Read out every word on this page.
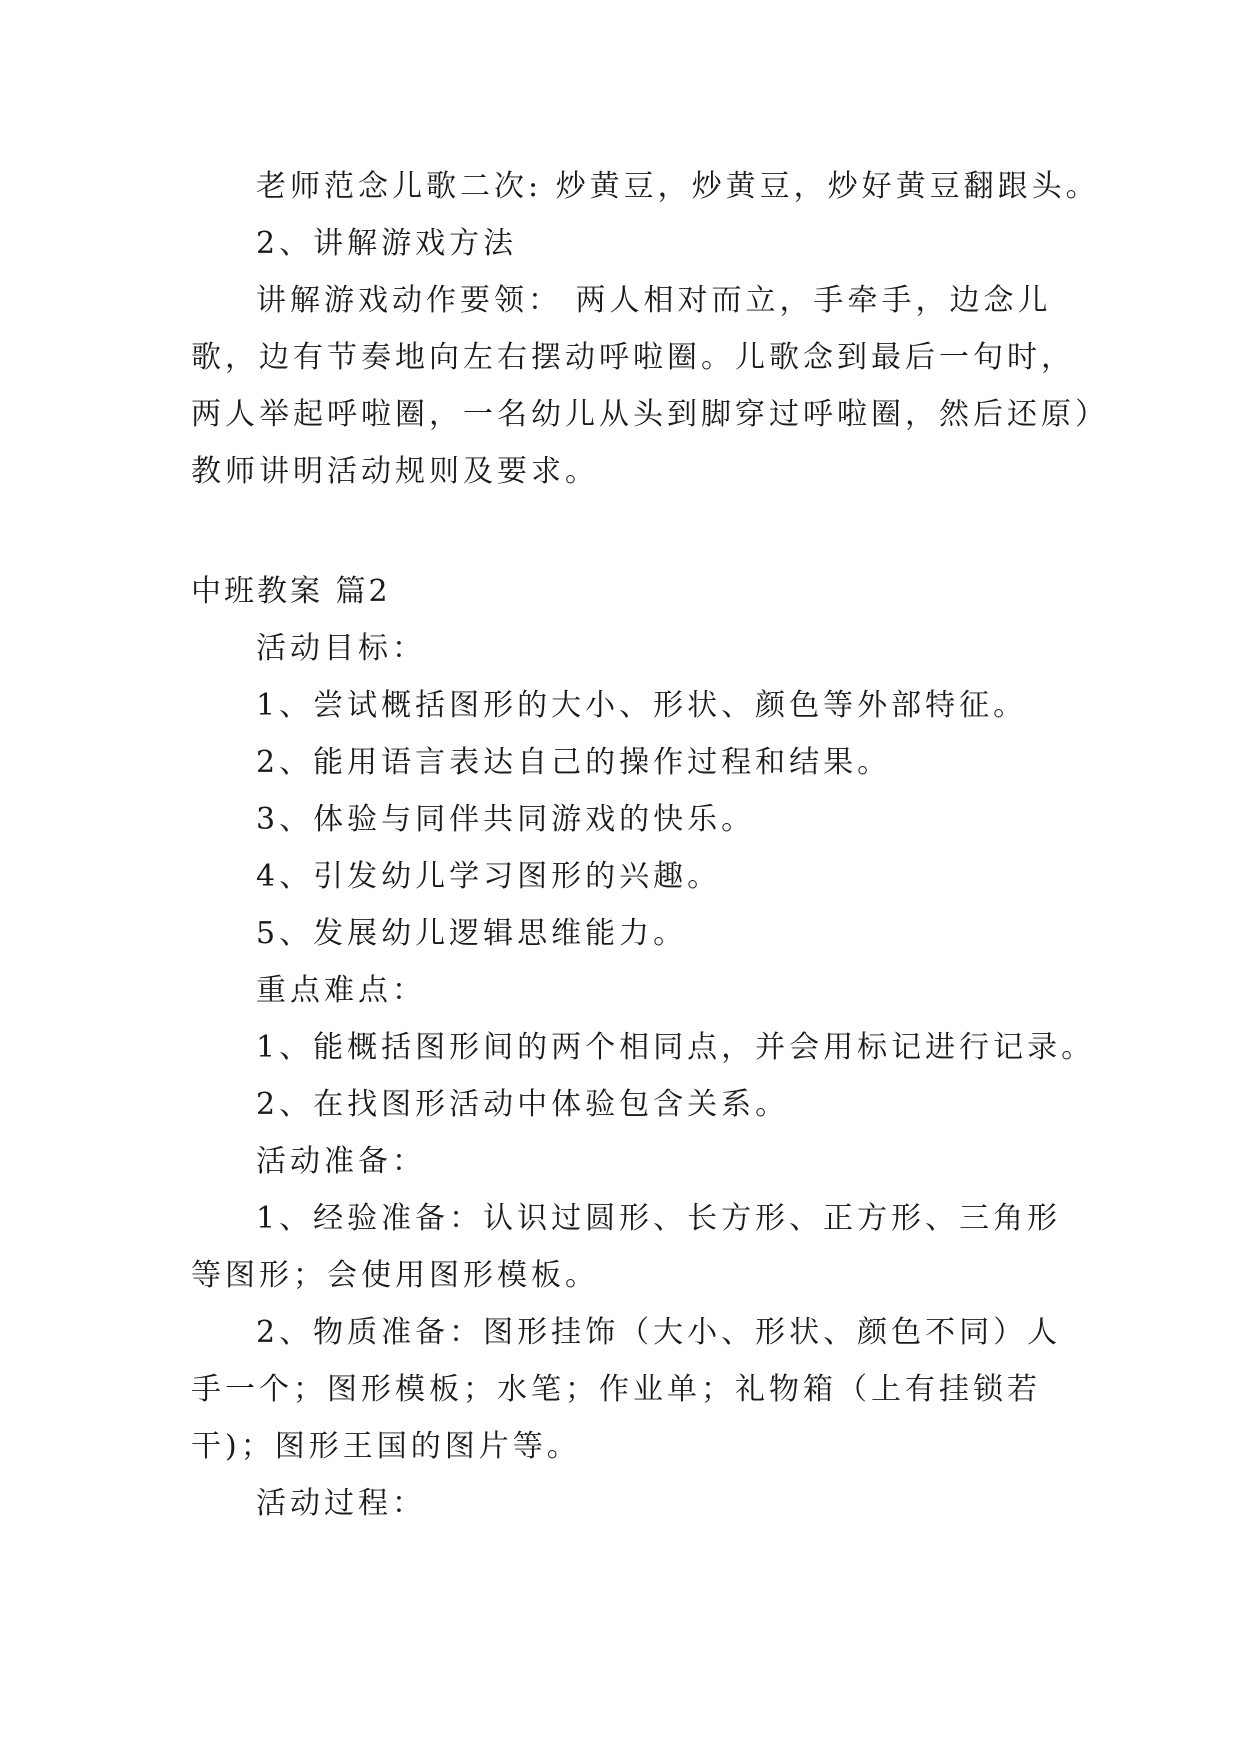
老师范念儿歌二次: 炒黄豆，炒黄豆，炒好黄豆翻跟头。
2、讲解游戏方法
讲解游戏动作要领： 两人相对而立，手牵手，边念儿
歌，边有节奏地向左右摆动呼啦圈。儿歌念到最后一句时，
两人举起呼啦圈，一名幼儿从头到脚穿过呼啦圈，然后还原）
教师讲明活动规则及要求。
中班教案 篇2
活动目标：
1、尝试概括图形的大小、形状、颜色等外部特征。
2、能用语言表达自己的操作过程和结果。
3、体验与同伴共同游戏的快乐。
4、引发幼儿学习图形的兴趣。
5、发展幼儿逻辑思维能力。
重点难点：
1、能概括图形间的两个相同点，并会用标记进行记录。
2、在找图形活动中体验包含关系。
活动准备：
1、经验准备：认识过圆形、长方形、正方形、三角形
等图形；会使用图形模板。
2、物质准备：图形挂饰（大小、形状、颜色不同）人
手一个；图形模板；水笔；作业单；礼物箱（上有挂锁若
干)；图形王国的图片等。
活动过程：
